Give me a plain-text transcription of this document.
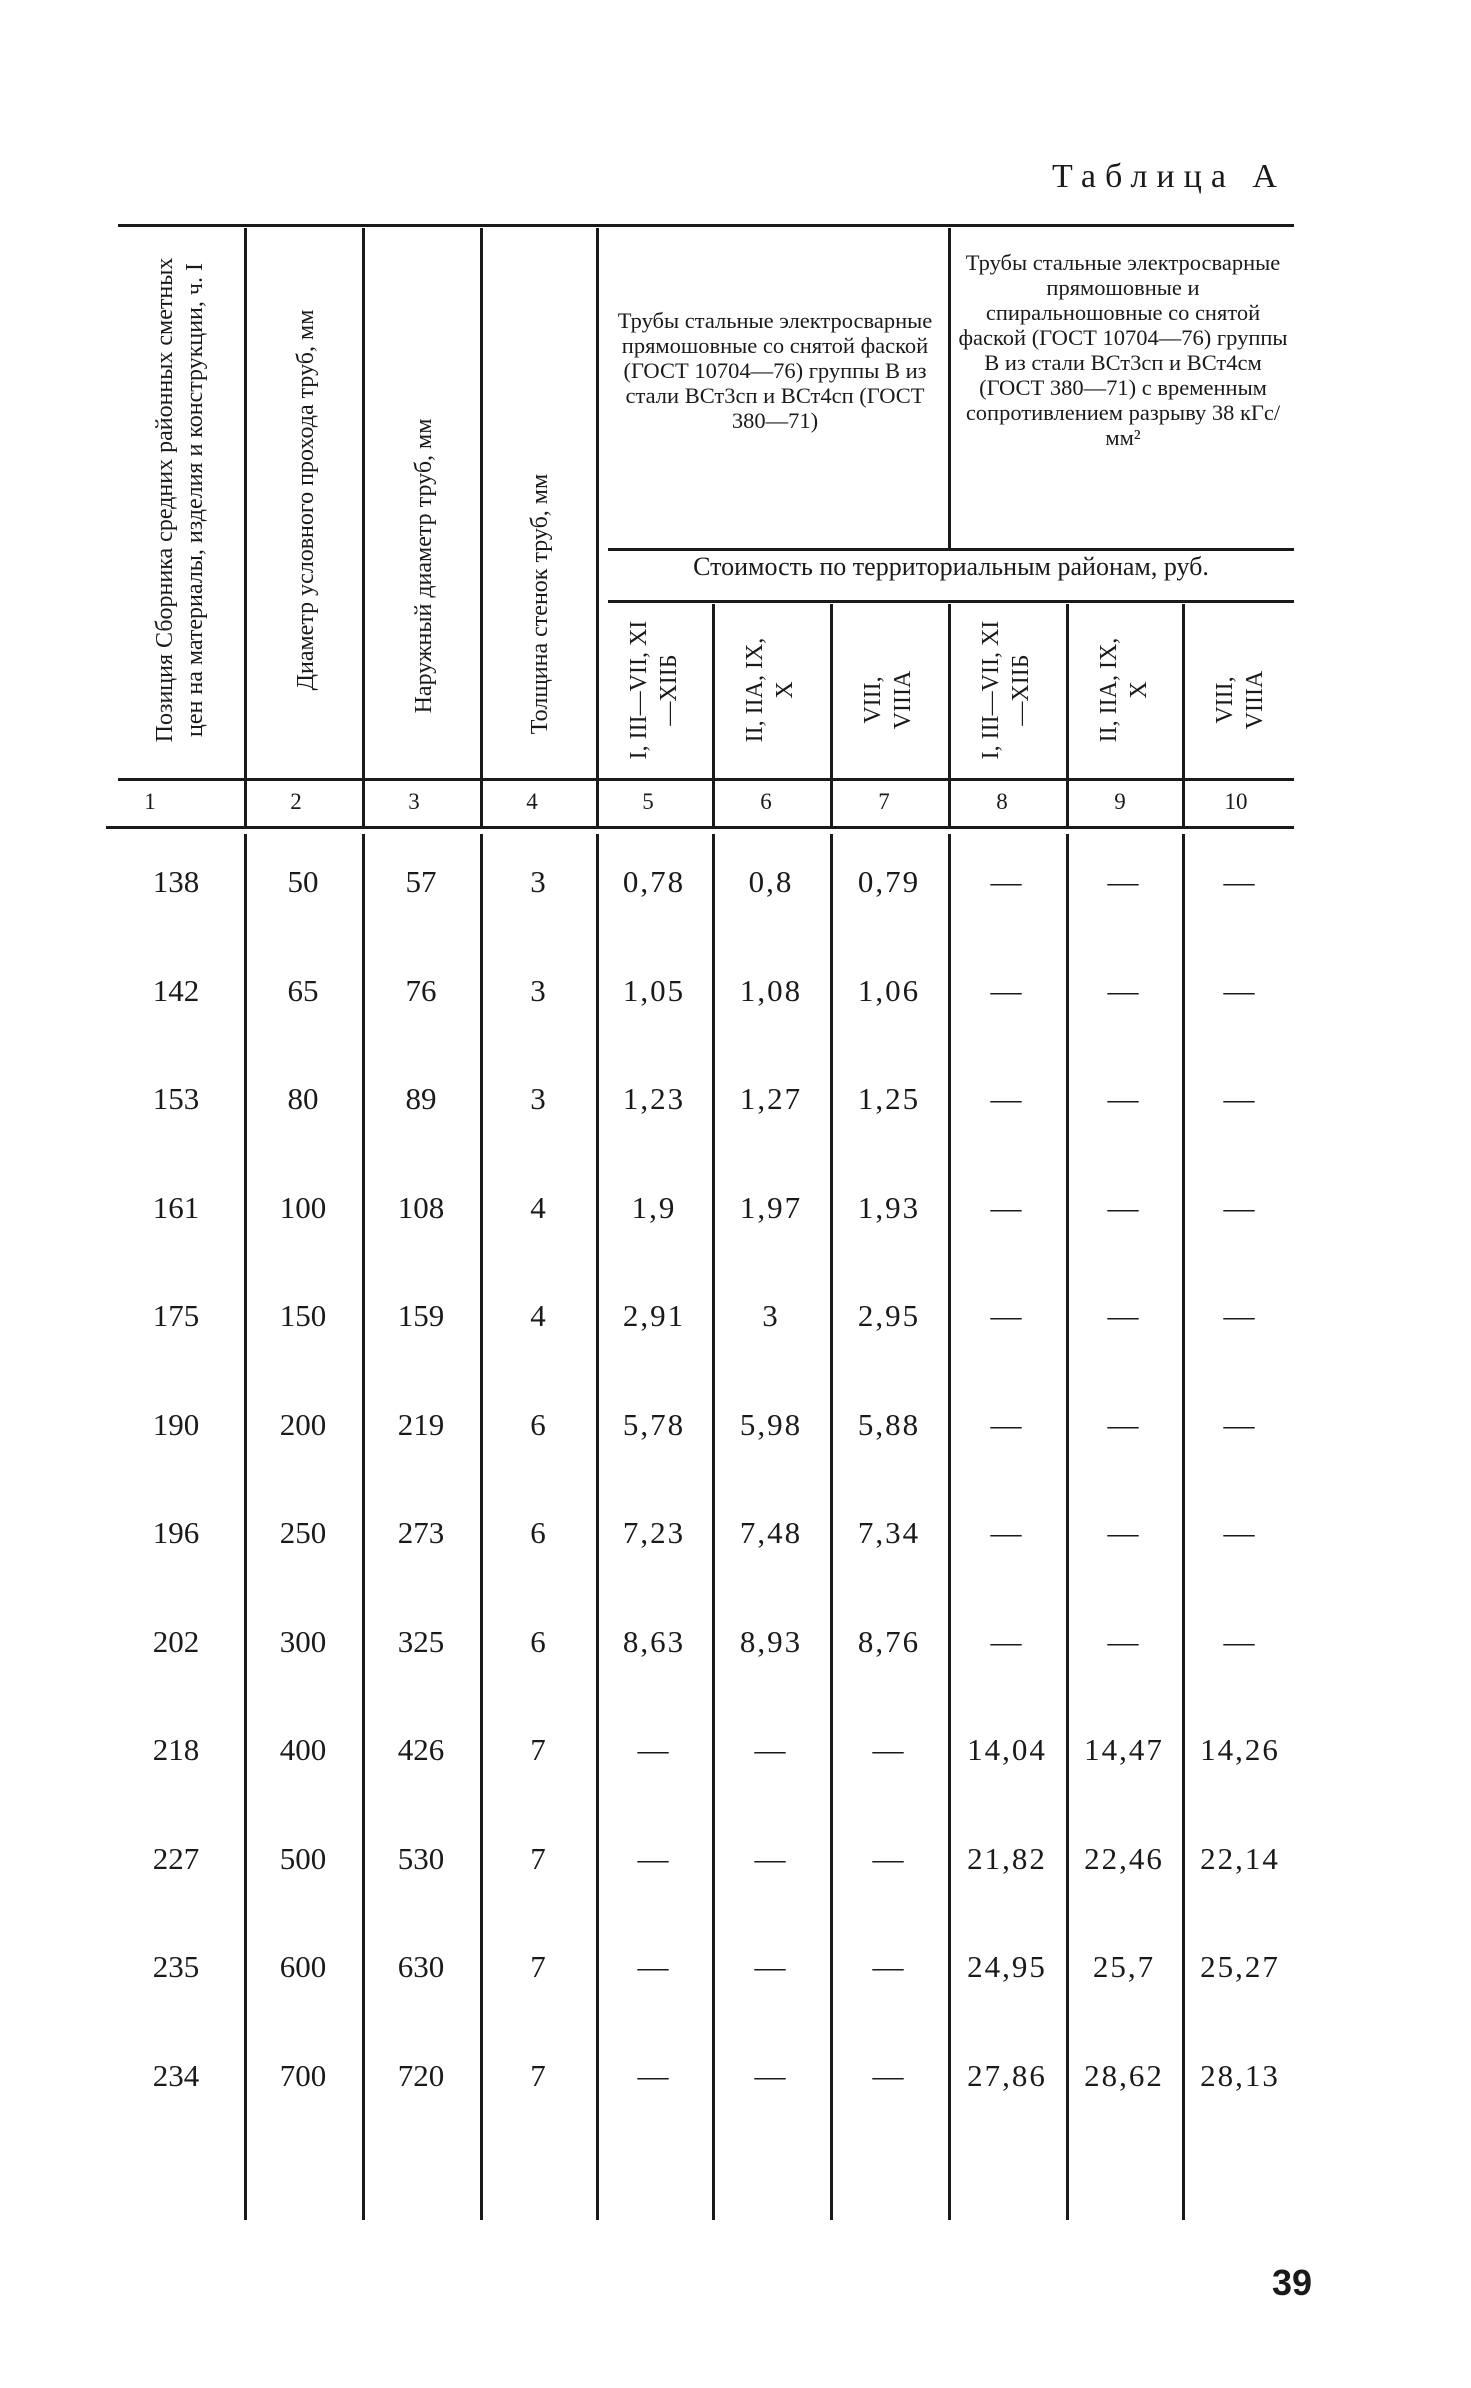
Таблица А
Позиция Сборника средних районных сметных цен на материалы, изделия и конструкции, ч. I	Диаметр условного прохода труб, мм	Наружный диаметр труб, мм	Толщина стенок труб, мм
Трубы стальные электросварные прямошовные со снятой фаской (ГОСТ 10704—76) группы В из стали ВСт3сп и ВСт4сп (ГОСТ 380—71)
Трубы стальные электросварные прямошовные и спиральношовные со снятой фаской (ГОСТ 10704—76) группы В из стали ВСт3сп и ВСт4см (ГОСТ 380—71) с временным сопротивлением разрыву 38 кГс/мм²
Стоимость по территориальным районам, руб.
I, III—VII, XI—XIIБ	II, IIА, IX, X	VIII, VIIIА	I, III—VII, XI—XIIБ	II, IIА, IX, X	VIII, VIIIА
1	2	3	4	5	6	7	8	9	10
138	50	57	3	0,78	0,8	0,79	—	—	—
142	65	76	3	1,05	1,08	1,06	—	—	—
153	80	89	3	1,23	1,27	1,25	—	—	—
161	100	108	4	1,9	1,97	1,93	—	—	—
175	150	159	4	2,91	3	2,95	—	—	—
190	200	219	6	5,78	5,98	5,88	—	—	—
196	250	273	6	7,23	7,48	7,34	—	—	—
202	300	325	6	8,63	8,93	8,76	—	—	—
218	400	426	7	—	—	—	14,04	14,47	14,26
227	500	530	7	—	—	—	21,82	22,46	22,14
235	600	630	7	—	—	—	24,95	25,7	25,27
234	700	720	7	—	—	—	27,86	28,62	28,13
39
